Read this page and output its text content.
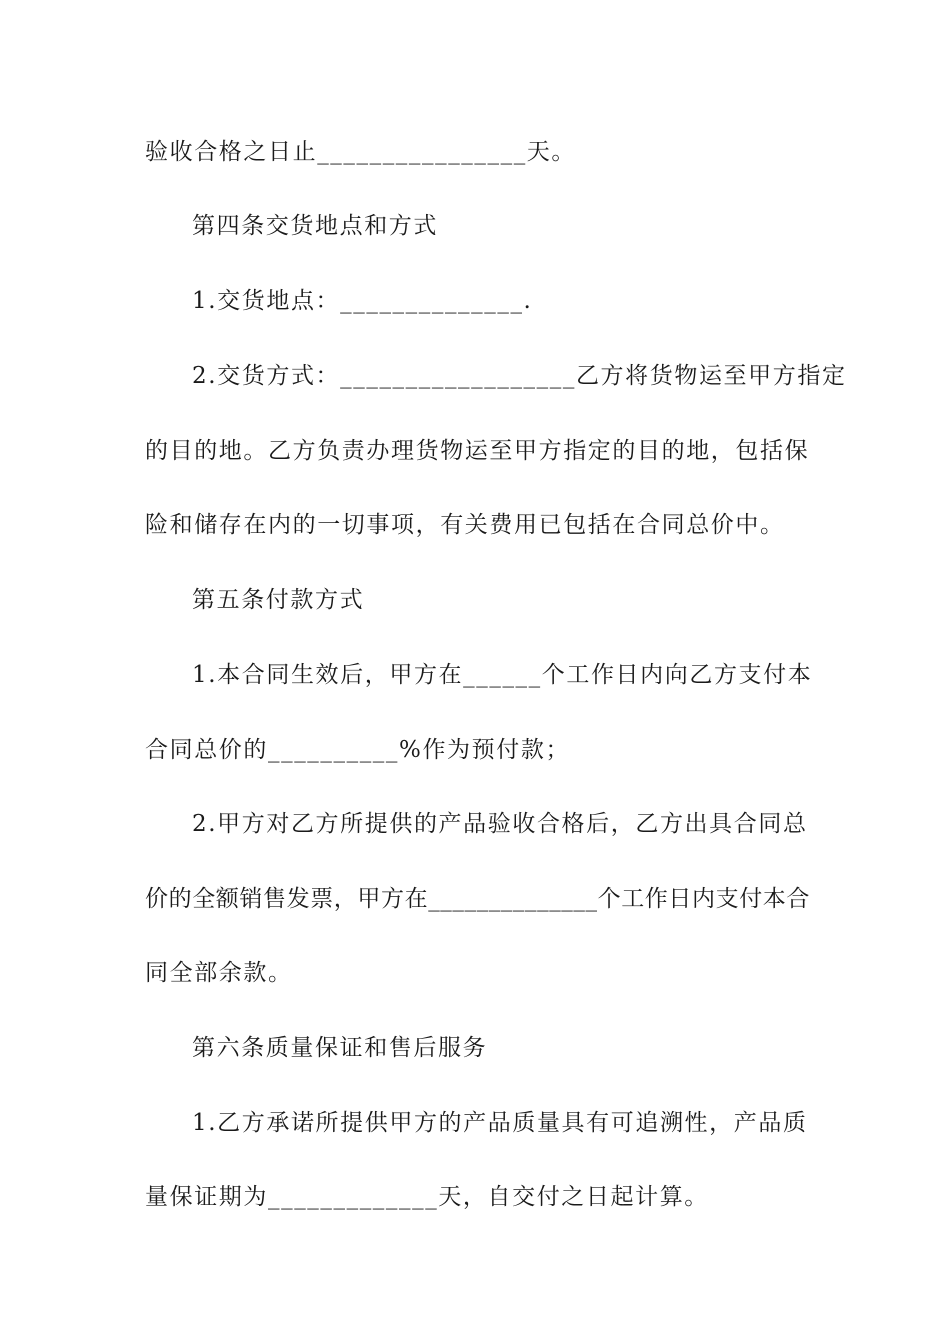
验收合格之日止________________天。
第四条交货地点和方式
1.交货地点：______________.
2.交货方式：__________________乙方将货物运至甲方指定
的目的地。乙方负责办理货物运至甲方指定的目的地，包括保
险和储存在内的一切事项，有关费用已包括在合同总价中。
第五条付款方式
1.本合同生效后，甲方在______个工作日内向乙方支付本
合同总价的__________%作为预付款；
2.甲方对乙方所提供的产品验收合格后，乙方出具合同总
价的全额销售发票，甲方在______________个工作日内支付本合
同全部余款。
第六条质量保证和售后服务
1.乙方承诺所提供甲方的产品质量具有可追溯性，产品质
量保证期为_____________天，自交付之日起计算。
